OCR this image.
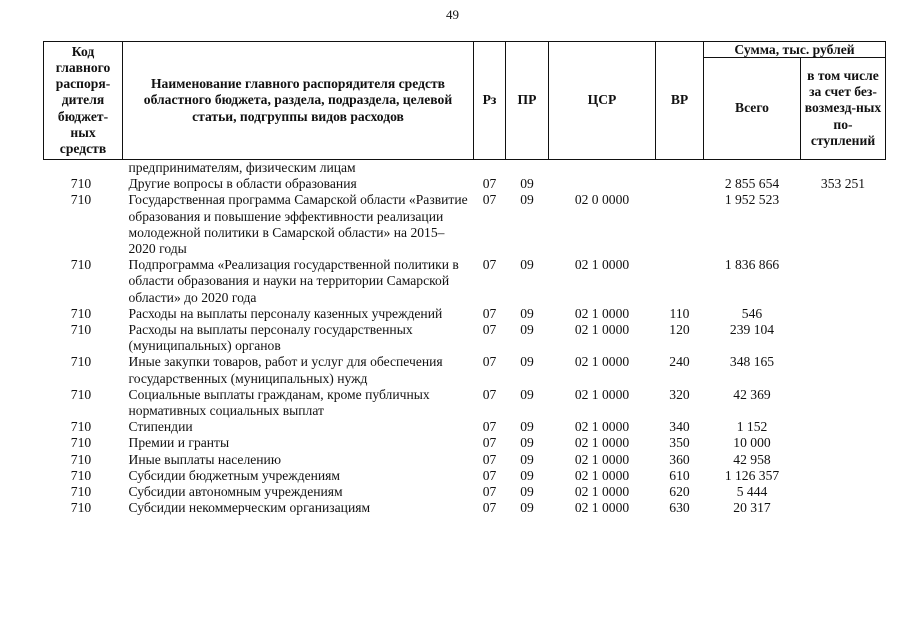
49
Код главного распоря-дителя бюджет-ных средств	Наименование главного распорядителя средств областного бюджета, раздела, подраздела, целевой статьи, подгруппы видов расходов	Рз	ПР	ЦСР	ВР	Сумма, тыс. рублей	
						Всего	в том числе за счет без-возмезд-ных по-ступлений
	предпринимателям, физическим лицам						
710	Другие вопросы в области образования	07	09			2 855 654	353 251
710	Государственная программа Самарской области «Развитие образования и повышение эффективности реализации молодежной политики в Самарской области» на 2015–2020 годы	07	09	02 0 0000		1 952 523	
710	Подпрограмма «Реализация государственной политики в области образования и науки на территории Самарской области» до 2020 года	07	09	02 1 0000		1 836 866	
710	Расходы на выплаты персоналу казенных учреждений	07	09	02 1 0000	110	546	
710	Расходы на выплаты персоналу государственных (муниципальных) органов	07	09	02 1 0000	120	239 104	
710	Иные закупки товаров, работ и услуг для обеспечения государственных (муниципальных) нужд	07	09	02 1 0000	240	348 165	
710	Социальные выплаты гражданам, кроме публичных нормативных социальных выплат	07	09	02 1 0000	320	42 369	
710	Стипендии	07	09	02 1 0000	340	1 152	
710	Премии и гранты	07	09	02 1 0000	350	10 000	
710	Иные выплаты населению	07	09	02 1 0000	360	42 958	
710	Субсидии бюджетным учреждениям	07	09	02 1 0000	610	1 126 357	
710	Субсидии автономным учреждениям	07	09	02 1 0000	620	5 444	
710	Субсидии некоммерческим организациям	07	09	02 1 0000	630	20 317	
